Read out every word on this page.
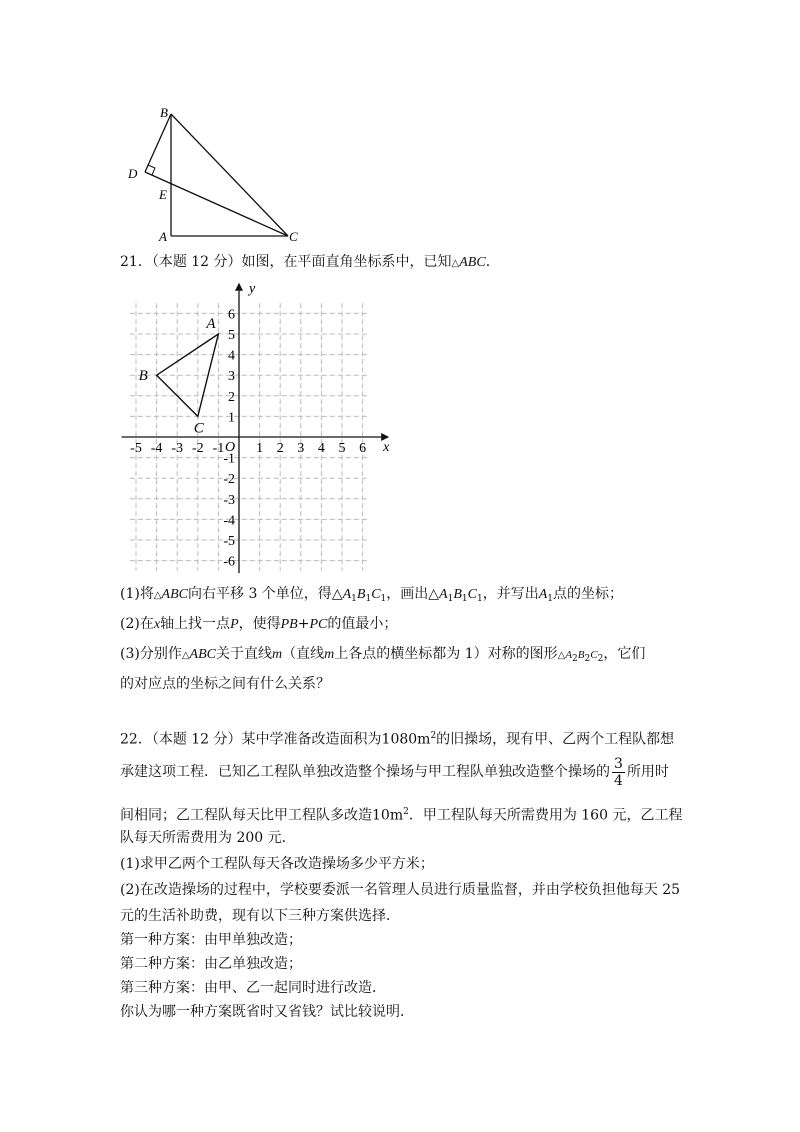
B
D
E
A	C
21．（本题 12 分）如图，在平面直角坐标系中，已知△ABC．
-5 -4 -3 -2 -1 1 2 3 4 5 6
6
5
4
3
2
1
-1
-2
-3
-4
-5
-6
x
y
O
A
B
C
(1)将△ABC向右平移 3 个单位，得$\triangle A_1B_1C_1$，画出$\triangle A_1B_1C_1$，并写出$A_1$点的坐标；
(2)在x轴上找一点P，使得PB+PC的值最小；
(3)分别作△ABC关于直线m（直线m上各点的横坐标都为 1）对称的图形$\triangle A_2B_2C_2$，它们
的对应点的坐标之间有什么关系？
22．（本题 12 分）某中学准备改造面积为$1080m^2$的旧操场，现有甲、乙两个工程队都想
承建这项工程．已知乙工程队单独改造整个操场与甲工程队单独改造整个操场的 $\frac{3}{4}$ 所用时
间相同；乙工程队每天比甲工程队多改造$10m^2$．甲工程队每天所需费用为 160 元，乙工程
队每天所需费用为 200 元．
(1)求甲乙两个工程队每天各改造操场多少平方米；
(2)在改造操场的过程中，学校要委派一名管理人员进行质量监督，并由学校负担他每天 25
元的生活补助费，现有以下三种方案供选择．
第一种方案：由甲单独改造；
第二种方案：由乙单独改造；
第三种方案：由甲、乙一起同时进行改造．
你认为哪一种方案既省时又省钱？试比较说明．
